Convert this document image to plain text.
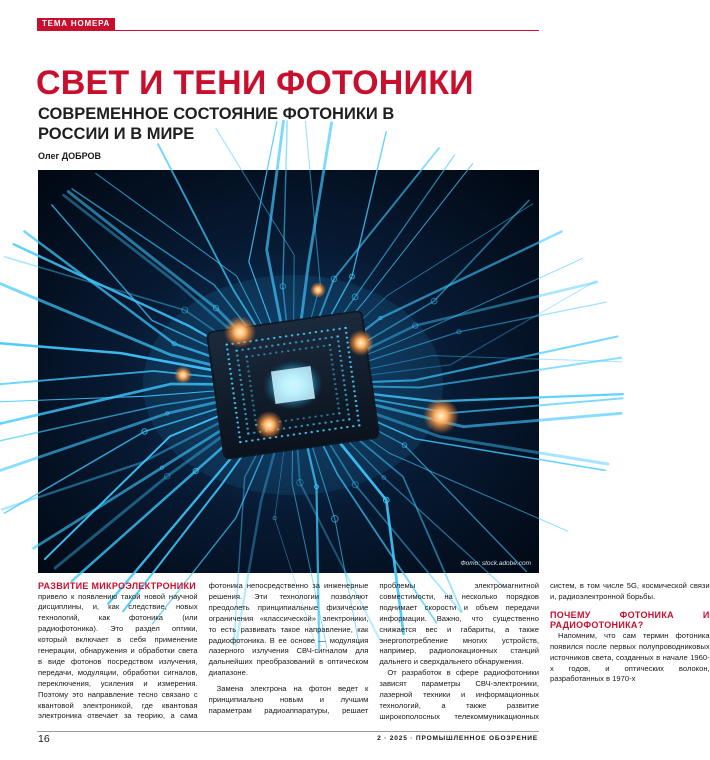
ТЕМА НОМЕРА
СВЕТ И ТЕНИ ФОТОНИКИ
СОВРЕМЕННОЕ СОСТОЯНИЕ ФОТОНИКИ В РОССИИ И В МИРЕ
Олег ДОБРОВ
Фото: stock.adobe.com

РАЗВИТИЕ МИКРОЭЛЕКТРОНИКИ
привело к появлению такой новой научной дисциплины, и, как следствие, новых технологий, как фотоника (или радиофотоника). Это раздел оптики, который включает в себя применение генерации, обнаружения и обработки света в виде фотонов посредством излучения, передачи, модуляции, обработки сигналов, переключения, усиления и измерения. Поэтому это направление тесно связано с квантовой электроникой, где квантовая электроника отвечает за теорию, а сама фотоника непосредственно за инженерные решения. Эти технологии позволяют преодолеть принципиальные физические ограничения «классической» электроники, то есть развивать такое направление, как радиофотоника. В ее основе — модуляция лазерного излучения СВЧ-сигналом для дальнейших преобразований в оптическом диапазоне.

Замена электрона на фотон ведет к принципиально новым и лучшим параметрам радиоаппаратуры, решает проблемы электромагнитной совместимости, на несколько порядков поднимает скорости и объем передачи информации. Важно, что существенно снижается вес и габариты, а также энергопотребление многих устройств, например, радиолокационных станций дальнего и сверхдальнего обнаружения.

От разработок в сфере радиофотоники зависят параметры СВЧ-электроники, лазерной техники и информационных технологий, а также развитие широкополосных телекоммуникационных систем, в том числе 5G, космической связи и, радиоэлектронной борьбы.

ПОЧЕМУ ФОТОНИКА И РАДИОФОТОНИКА?

Напомним, что сам термин фотоника появился после первых полупроводниковых источников света, созданных в начале 1960-х годов, и оптических волокон, разработанных в 1970-х

16	2 · 2025 · ПРОМЫШЛЕННОЕ ОБОЗРЕНИЕ
